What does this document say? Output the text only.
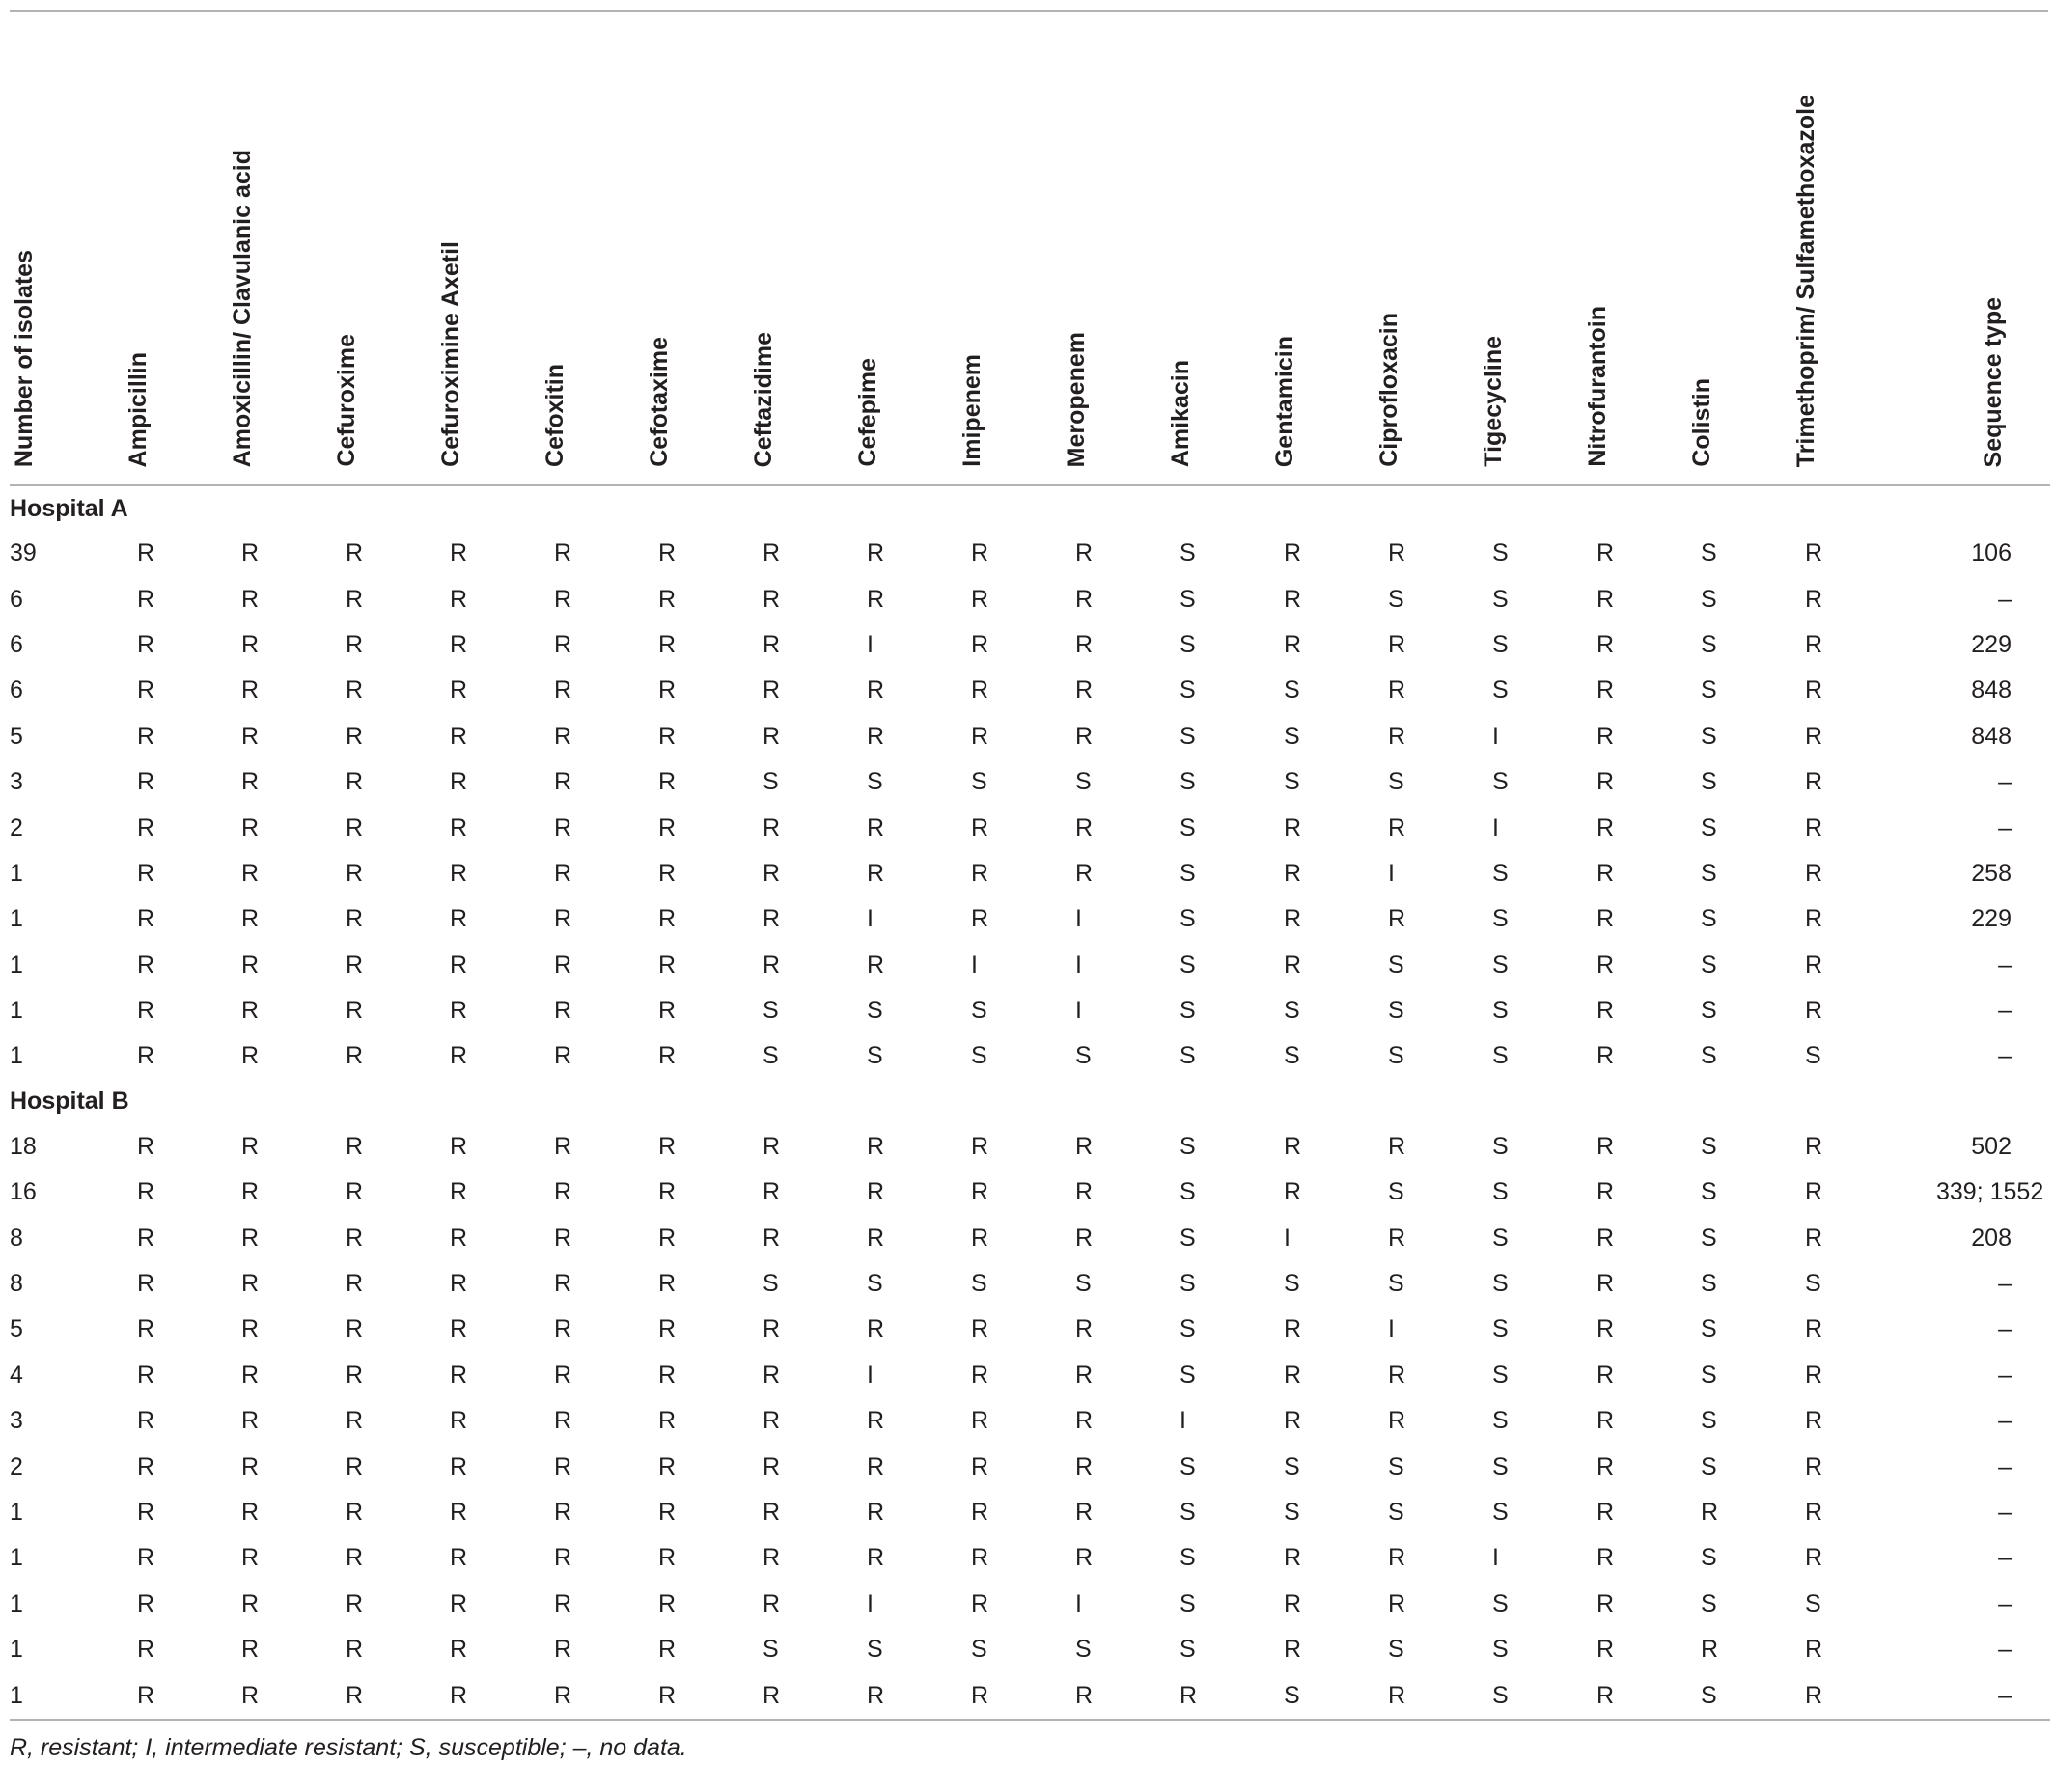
Number of isolates	Ampicillin	Amoxicillin/ Clavulanic acid	Cefuroxime	Cefuroximine Axetil	Cefoxitin	Cefotaxime	Ceftazidime	Cefepime	Imipenem	Meropenem	Amikacin	Gentamicin	Ciprofloxacin	Tigecycline	Nitrofurantoin	Colistin	Trimethoprim/ Sulfamethoxazole	Sequence type

Hospital A																		
39	R	R	R	R	R	R	R	R	R	R	S	R	R	S	R	S	R	106
6	R	R	R	R	R	R	R	R	R	R	S	R	S	S	R	S	R	–
6	R	R	R	R	R	R	R	I	R	R	S	R	R	S	R	S	R	229
6	R	R	R	R	R	R	R	R	R	R	S	S	R	S	R	S	R	848
5	R	R	R	R	R	R	R	R	R	R	S	S	R	I	R	S	R	848
3	R	R	R	R	R	R	S	S	S	S	S	S	S	S	R	S	R	–
2	R	R	R	R	R	R	R	R	R	R	S	R	R	I	R	S	R	–
1	R	R	R	R	R	R	R	R	R	R	S	R	I	S	R	S	R	258
1	R	R	R	R	R	R	R	I	R	I	S	R	R	S	R	S	R	229
1	R	R	R	R	R	R	R	R	I	I	S	R	S	S	R	S	R	–
1	R	R	R	R	R	R	S	S	S	I	S	S	S	S	R	S	R	–
1	R	R	R	R	R	R	S	S	S	S	S	S	S	S	R	S	S	–
Hospital B																		
18	R	R	R	R	R	R	R	R	R	R	S	R	R	S	R	S	R	502
16	R	R	R	R	R	R	R	R	R	R	S	R	S	S	R	S	R	339; 1552
8	R	R	R	R	R	R	R	R	R	R	S	I	R	S	R	S	R	208
8	R	R	R	R	R	R	S	S	S	S	S	S	S	S	R	S	S	–
5	R	R	R	R	R	R	R	R	R	R	S	R	I	S	R	S	R	–
4	R	R	R	R	R	R	R	I	R	R	S	R	R	S	R	S	R	–
3	R	R	R	R	R	R	R	R	R	R	I	R	R	S	R	S	R	–
2	R	R	R	R	R	R	R	R	R	R	S	S	S	S	R	S	R	–
1	R	R	R	R	R	R	R	R	R	R	S	S	S	S	R	R	R	–
1	R	R	R	R	R	R	R	R	R	R	S	R	R	I	R	S	R	–
1	R	R	R	R	R	R	R	I	R	I	S	R	R	S	R	S	S	–
1	R	R	R	R	R	R	S	S	S	S	S	R	S	S	R	R	R	–
1	R	R	R	R	R	R	R	R	R	R	R	S	R	S	R	S	R	–
R, resistant; I, intermediate resistant; S, susceptible; –, no data.
